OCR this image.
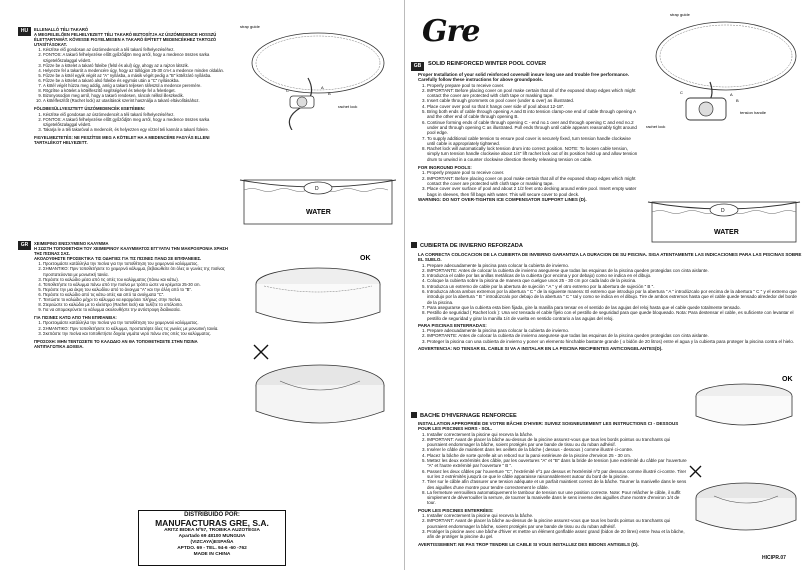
HU	ELLENALLÓ TÉLI TAKARÓ
A MEGFELELŐEN FELHELYEZETT TÉLI TAKARÓ BIZTOSÍTJA AZ ÚSZÓMEDENCE HOSSZÚ ÉLETTARTAMÁT. KÖVESSE FIGYELMESEN A TAKARÓ ÉPÍTETT MEDENCÉKHEZ TARTOZÓ UTASÍTÁSOKAT.
1. Készítse elő gondosan az úszómedencét a téli takaró felhelyezéséhez.
2. FONTOS: A takaró felhelyezése előtt győződjön meg arról, hogy a medence összes sarka szigetelőszalaggal védett.
3. Fűzze be a kötelet a takaró füleibe (felül és alul) úgy, ahogy az a rajzon látszik.
4. Helyezze fel a takarót a medencére úgy, hogy az túllógjon 25-30 cm-t a medence minden oldalán.
5. Fűzze be a kötél egyik végét az "A" nyílásba, a másik végét pedig a "B" kötélzáró nyílásba.
6. Fűzze be a kötelet a takaró alsó füleibe és egymás után a "C" nyílásokba.
7. A kötél végét húzza meg addig, amíg a takaró teljesen ráfeszül a medence peremére.
8. Rögzítse a kötelet a kötélfeszítő segítségével és tekerje fel a felesleget.
9. Bizonyosodjon meg arról, hogy a takaró rendesen, ráncok nélkül illeszkedik.
10. A kötélfeszítőt (Rachet lock) az utasítások szerint használja a takaró eltávolításához.
FÖLDBESÜLLYESZTETT ÚSZÓMEDENCÉK ESETÉBEN:
1. Készítse elő gondosan az úszómedencét a téli takaró felhelyezéséhez.
2. FONTOS: A takaró felhelyezése előtt győződjön meg arról, hogy a medence összes sarka szigetelőszalaggal védett.
3. Takarja le a téli takaróval a medencét, és helyezzen egy vízzel teli kannát a takaró füleire.
FIGYELMEZTETÉS: NE FESZÍTSE MEG A KÖTELET HA A MEDENCÉRE FAGYÁS ELLENI TARTALÉKOT HELYEZETT.
strap guide
rachet lock
A
B
C
D
WATER
GR	ΧΕΙΜΕΡΙΝΟ ΕΝΙΣΧΥΜΕΝΟ ΚΑΛΥΜΜΑ
Η ΣΩΣΤΗ ΤΟΠΟΘΕΤΗΣΗ ΤΟΥ ΧΕΙΜΕΡΙΝΟΥ ΚΑΛΥΜΜΑΤΟΣ ΕΓΓΥΑΤΑΙ ΤΗΝ ΜΑΚΡΟΧΡΟΝΙΑ ΧΡΗΣΗ ΤΗΣ ΠΙΣΙΝΑΣ ΣΑΣ.
ΑΚΟΛΟΥΘΗΣΤΕ ΠΡΟΣΕΚΤΙΚΑ ΤΙΣ ΟΔΗΓΙΕΣ ΓΙΑ ΤΙΣ ΠΙΣΙΝΕΣ ΠΑΝΩ ΣΕ ΕΠΙΦΑΝΕΙΕΣ.
1. Προετοιμάστε κατάλληλα την πισίνα για την τοποθέτηση του χειμερινού καλύμματος.
2. ΣΗΜΑΝΤΙΚΟ: Πριν τοποθετήσετε το χειμερινό κάλυμμα, βεβαιωθείτε ότι όλες οι γωνίες της πισίνας προστατεύονται με μονωτική ταινία.
3. Περάστε το καλώδιο μέσα από τις οπές του καλύμματος (πάνω και κάτω).
4. Τοποθετήστε το κάλυμμα πάνω από την πισίνα με τρόπο ώστε να κρέμεται 25-30 cm.
5. Περάστε την μια άκρη του καλωδίου από το άνοιγμα "A" και την άλλη από το "B".
6. Περάστε το καλώδιο από τις κάτω οπές και από τα ανοίγματα "C".
7. Τεντώστε το καλώδιο μέχρι το κάλυμμα να εφαρμόσει πλήρως στην πισίνα.
8. Στερεώστε το καλώδιο με το κλείστρο (Rachet lock) και τυλίξτε το υπόλοιπο.
9. Για να απομακρύνετε το κάλυμμα ακολουθήστε την αντίστροφη διαδικασία.
ΓΙΑ ΠΙΣΙΝΕΣ ΚΑΤΩ ΑΠΟ ΤΗΝ ΕΠΙΦΑΝΕΙΑ:
1. Προετοιμάστε κατάλληλα την πισίνα για την τοποθέτηση του χειμερινού καλύμματος.
2. ΣΗΜΑΝΤΙΚΟ: Πριν τοποθετήσετε το κάλυμμα, προστατέψτε όλες τις γωνίες με μονωτική ταινία.
3. Σκεπάστε την πισίνα και τοποθετήστε δοχεία γεμάτα νερό πάνω στις οπές του καλύμματος.
ΠΡΟΣΟΧΗ: ΜΗΝ ΤΕΝΤΩΣΕΤΕ ΤΟ ΚΑΛΩΔΙΟ ΑΝ ΘΑ ΤΟΠΟΘΕΤΗΣΕΤΕ ΣΤΗΝ ΠΙΣΙΝΑ ΑΝΤΙΠΑΓΩΤΙΚΑ ΔΟΧΕΙΑ.
OK
DISTRIBUIDO POR:
MANUFACTURAS GRE, S.A.
ARITZ BIDEA Nº57, TROBIKA AUZOTEGIA
Apartado 69 48100 MUNGUIA
(VIZCAYA)ESPAÑA
APTDO. 69 - TEL. 94-6 -60 -762
MADE IN CHINA
Gre
GB	SOLID REINFORCED WINTER POOL COVER
Proper Installation of your solid reinforced coverwill insure long use and trouble free performance. Carefully follow these instructions for above groundpools.
1. Properly prepare pool to receive cover.
2. IMPORTANT: Before placing cover on pool make certain that all of the exposed sharp edges which might contact the cover are protected with cloth tape or masking tape.
3. Insert cable through grommets on pool cover (under & over) as illustrated.
4. Place cover over pool so that it hangs over side of pool about 12-18".
5. Bring both ends of cable through opening A and B into tension clamp-one end of cable through opening A and the other end of cable through opening B.
6. Continue forming ends of cable through opening C - end no.1 over and through opening C and end no.2 under and through opening C as illustrated. Pull ends through until cable appears reasonably tight around pool edge.
7. To supply additional cable tension to ensure pool cover is securely fixed, turn tension handle clockwise until cable is appropriately tightened.
8. Rachet lock will automatically lock tension drum into correct position. NOTE: To loosen cable tension, simply turn tension handle clockwise about 1/4" lift rachet lock out of its position hold up and allow tension drum to unwind in a counter clockwise direction thereby releasing tension on cable.
FOR INGROUND POOLS:
1. Properly prepare pool to receive cover.
2. IMPORTANT: Before placing cover on pool make certain that all of the exposed sharp edges which might contact the cover are protected with cloth tape or masking tape.
3. Place cover over surface of pool and about 2 1/2 feet onto decking around entire pool. Insert empty water bags in sleeves, then fill bags with water. This will secure cover to pool deck.
WARNING: DO NOT OVER-TIGHTEN ICE COMPENSATOR SUPPORT LINES (D).
strap guide
tension handle
rachet lock
A
B
C
D
WATER
CUBIERTA DE INVIERNO REFORZADA
LA CORRECTA COLOCACION DE LA CUBIERTA DE INVIERNO GARANTIZA LA DURACION DE SU PISCINA. SIGA ATENTAMENTE LAS INDICACIONES PARA LAS PISCINAS SOBRE EL SUELO.
1. Prepare adecuadamente la piscina para colocar la cubierta de invierno.
2. IMPORTANTE: Antes de colocar la cubierta de invierno asegurese que todas las esquinas de la piscina queden protegidas con cinta aislante.
3. Introduzca el cable por las anillas metálicas de la cubierta (por encima y por debajo) como se indica en el dibujo.
4. Coloque la cubierta sobre la piscina de manera que cuelgue unos 25 - 30 cm por cada lado de la piscina.
5. Introduzca un extremo de cable por la abertura de sujeción " A " y el otro extremo por la abertura de sujeción " B ".
6. Introduzca ahora ambos extremos por la abertura " C " de la siguiente manera: El extremo que introdujo por la abertura " A " introdúzcalo por encima de la abertura " C " y el extremo que introdujo por la abertura " B " introdúzcalo por debajo de la abertura " C " tal y como se indica en el dibujo. Tire de ambos extremos hasta que el cable quede tensado alrededor del borde de la piscina.
7. Para asegurarse que la cubierta esta bien fijada, gire la manilla para tensar en el sentido de las agujas del reloj hasta que el cable quede totalmente tensado.
8. Pestillo de seguridad ( Rachet lock ): Una vez tensado el cable fíjelo con el pestillo de seguridad para que quede bloqueado. Nota: Para destensar el cable, es suficiente con levantar el pestillo de seguridad y girar la manilla 1/4 de vuelta en sentido contrario a las agujas del reloj.
PARA PISCINAS ENTERRADAS:
1. Prepare adecuadamente la piscina para colocar la cubierta de invierno.
2. IMPORTANTE: Antes de colocar la cubierta de invierno asegurese que todas las esquinas de la piscina queden protegidas con cinta aislante.
3. Proteger la piscina con una cubierta de invierno y poner un elemento hinchable bastante grande ( o bidón de 20 litros) entre el agua y la cubierta para proteger la piscina contra el hielo.
ADVERTENCIA: NO TENSAR EL CABLE SI VA A INSTALAR EN LA PISCINA RECIPIENTES ANTICONGELANTES(D).
BACHE D'HIVERNAGE RENFORCEE
INSTALLATION APPROPRIÉE DE VOTRE BÂCHE D'HIVER: SUIVEZ SOIGNEUSEMENT LES INSTRUCTIONS CI - DESSOUS POUR LES PISCINES HORS - SOL.
1. Installer correctement la piscine qui recevra la bâche.
2. IMPORTANT: Avant de placer la bâche au-dessus de la piscine assurez-vous que tous les bords pointus ou tranchants qui pourraient endommager la bâche, soient protégés par une bande de tissu ou du ruban adhésif.
3. Insérer le câble de maintient dans les oeillets de la bâche ( dessus - dessous ) comme illustré ci-contre.
4. Placez la bâche de sorte qu'elle ait un rebord sur la paroi extérieure de la piscine d'environ 25 - 30 cm.
5. Mettez les deux extrémités des câble, par les ouvertures "A" et "B" dans la bride de tension (une extrémité du câble par l'ouverture "A" et l'autre extrémité par l'ouverture " B ".
6. Passez les deux câbles par l'ouverture "C", l'extrémité nº1 par dessus et l'extrémité nº2 par dessous comme illustré ci-contre. Tirer sur les 2 extrémités jusqu'à ce que le câble apparaisse raisonnablement autour du bord de la piscine.
7. Tirer sur le câble afin d'assurer une tension adéquate et un parfait maintient correct de la bâche. Tourner la manivelle dans le sens des aiguilles d'une montre pour tendre correctement le câble.
8. La fermeture verrouillera automatiquement le tambour de tension sur une position correcte. Note: Pour relâcher le câble, il suffit simplement de déverrouiller la serrure, de tourner la manivelle dans le sens inverse des aiguilles d'une montre d'environ 1/4 de tour.
POUR LES PISCINES ENTERRÉES:
1. Installer correctement la piscine qui recevra la bâche.
2. IMPORTANT: Avant de placer la bâche au-dessus de la piscine assurez-vous que tous les bords pointus ou tranchants qui pourraient endommager la bâche, soient protégés par une bande de tissu ou du ruban adhésif.
3. Protéger la piscine avec une bâche d'hiver et mettre un élément gonflable assez grand (bidon de 20 litres) entre l'eau et la bâche, afin de protéger la piscine du gel.
AVERTISSEMENT: NE PAS TROP TENDRE LE CABLE SI VOUS INSTALLEZ DES BIDONS ANTIGELS (D).
OK
HICIPR.07
